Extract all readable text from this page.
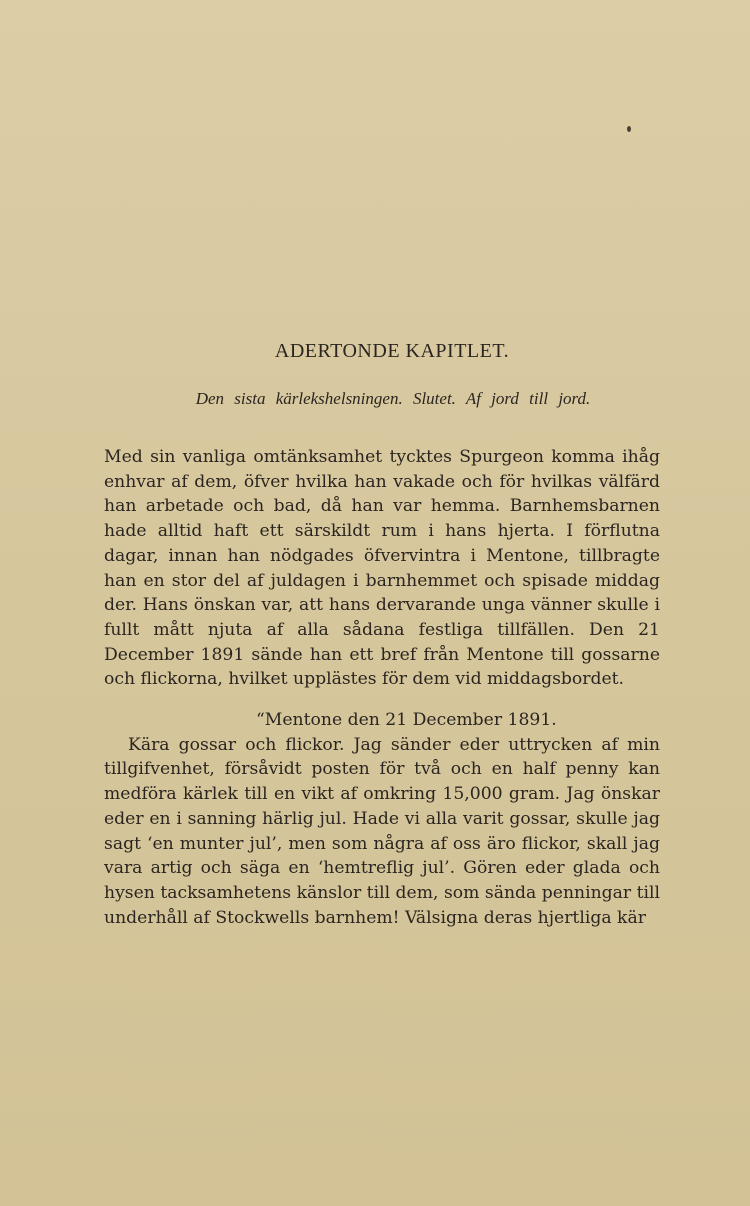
ADERTONDE KAPITLET.
Den sista kärlekshelsningen. Slutet. Af jord till jord.

Med sin vanliga omtänksamhet tycktes Spurgeon komma ihåg enhvar af dem, öfver hvilka han vakade och för hvilkas välfärd han arbetade och bad, då han var hemma. Barnhemsbarnen hade alltid haft ett särskildt rum i hans hjerta. I förflutna dagar, innan han nödgades öfvervintra i Mentone, tillbragte han en stor del af juldagen i barnhemmet och spisade middag der. Hans önskan var, att hans dervarande unga vänner skulle i fullt mått njuta af alla sådana festliga tillfällen. Den 21 December 1891 sände han ett bref från Mentone till gossarne och flickorna, hvilket upplästes för dem vid middagsbordet.

“Mentone den 21 December 1891.

Kära gossar och flickor. Jag sänder eder uttrycken af min tillgifvenhet, försåvidt posten för två och en half penny kan medföra kärlek till en vikt af omkring 15,000 gram. Jag önskar eder en i sanning härlig jul. Hade vi alla varit gossar, skulle jag sagt ‘en munter jul’, men som några af oss äro flickor, skall jag vara artig och säga en ‘hemtreflig jul’. Gören eder glada och hysen tacksamhetens känslor till dem, som sända penningar till underhåll af Stockwells barnhem! Välsigna deras hjertliga kär
